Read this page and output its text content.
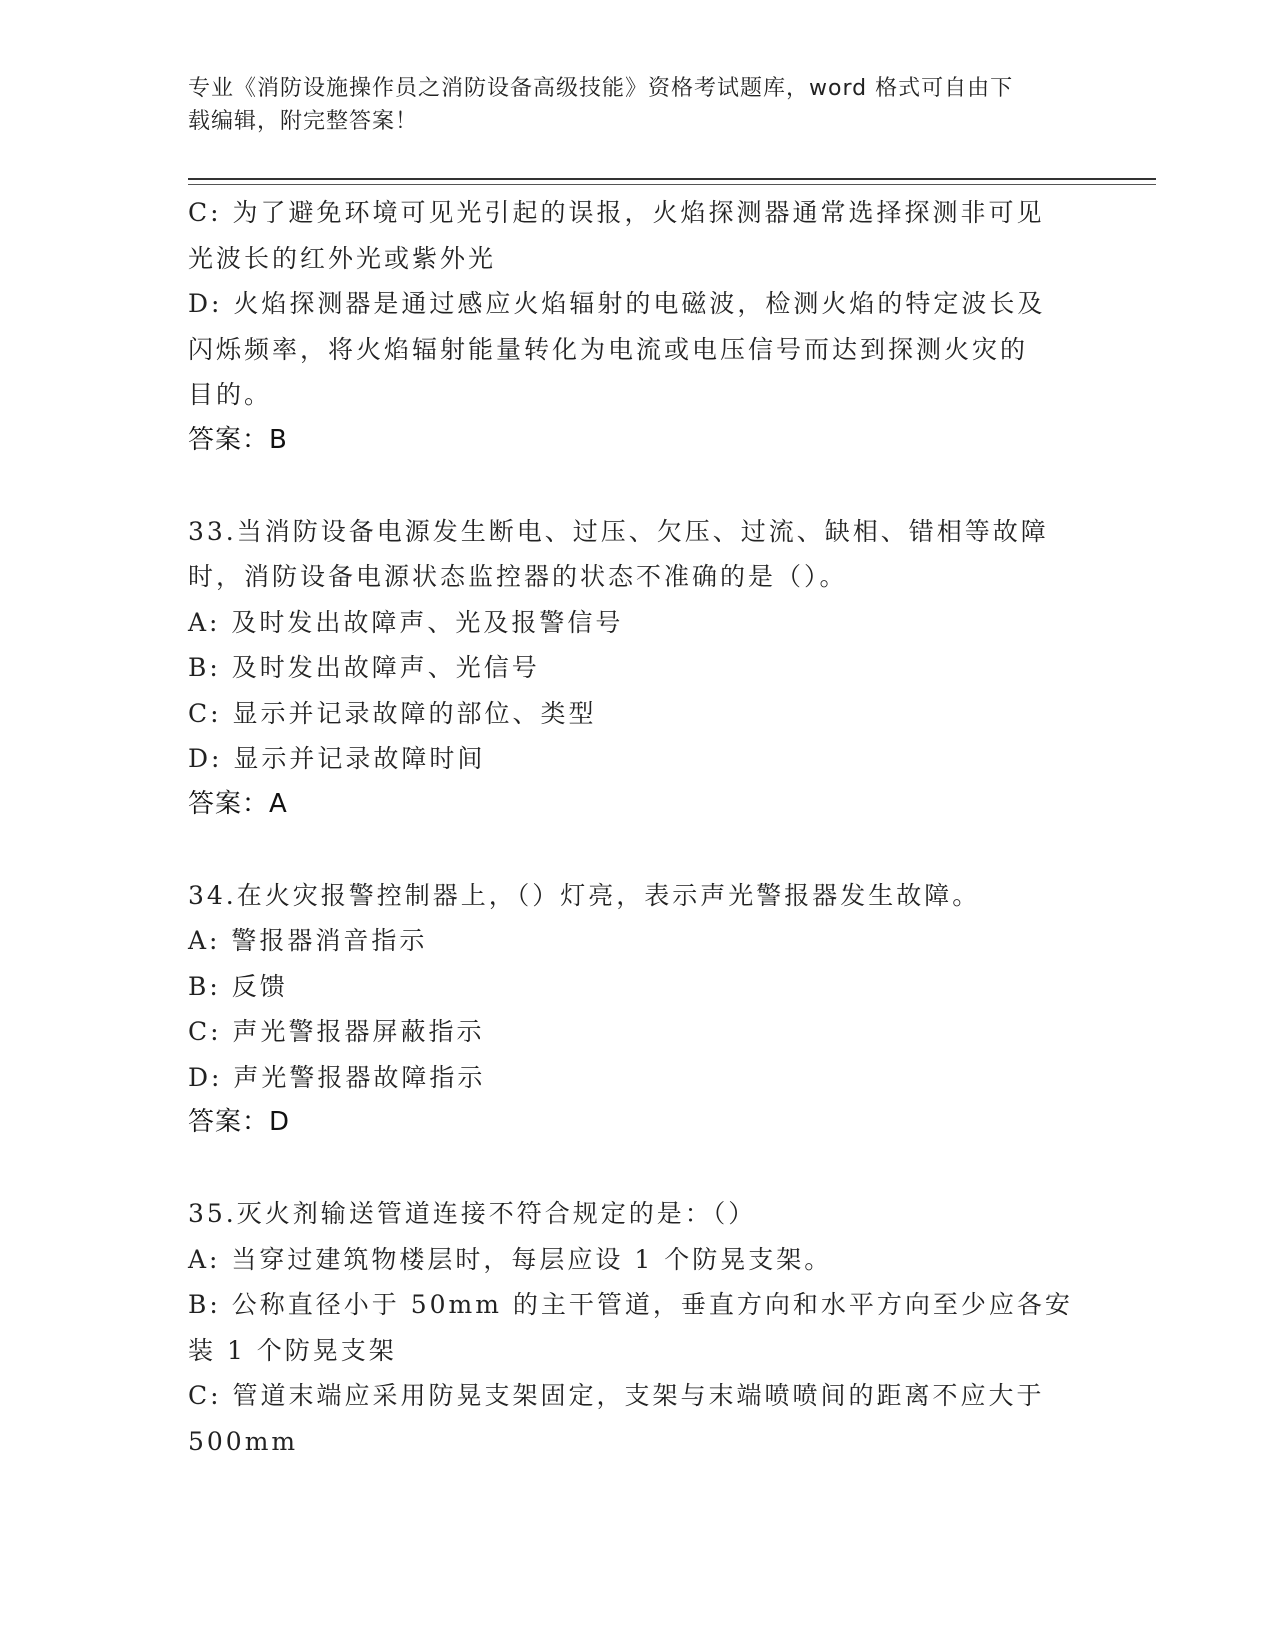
专业《消防设施操作员之消防设备高级技能》资格考试题库，word 格式可自由下
载编辑，附完整答案！
C: 为了避免环境可见光引起的误报，火焰探测器通常选择探测非可见
光波长的红外光或紫外光
D: 火焰探测器是通过感应火焰辐射的电磁波，检测火焰的特定波长及
闪烁频率，将火焰辐射能量转化为电流或电压信号而达到探测火灾的
目的。
答案：B
33.当消防设备电源发生断电、过压、欠压、过流、缺相、错相等故障
时，消防设备电源状态监控器的状态不准确的是（）。
A: 及时发出故障声、光及报警信号
B: 及时发出故障声、光信号
C: 显示并记录故障的部位、类型
D: 显示并记录故障时间
答案：A
34.在火灾报警控制器上，（）灯亮，表示声光警报器发生故障。
A: 警报器消音指示
B: 反馈
C: 声光警报器屏蔽指示
D: 声光警报器故障指示
答案：D
35.灭火剂输送管道连接不符合规定的是：（）
A: 当穿过建筑物楼层时，每层应设 1 个防晃支架。
B: 公称直径小于 50mm 的主干管道，垂直方向和水平方向至少应各安
装 1 个防晃支架
C: 管道末端应采用防晃支架固定，支架与末端喷喷间的距离不应大于
500mm
